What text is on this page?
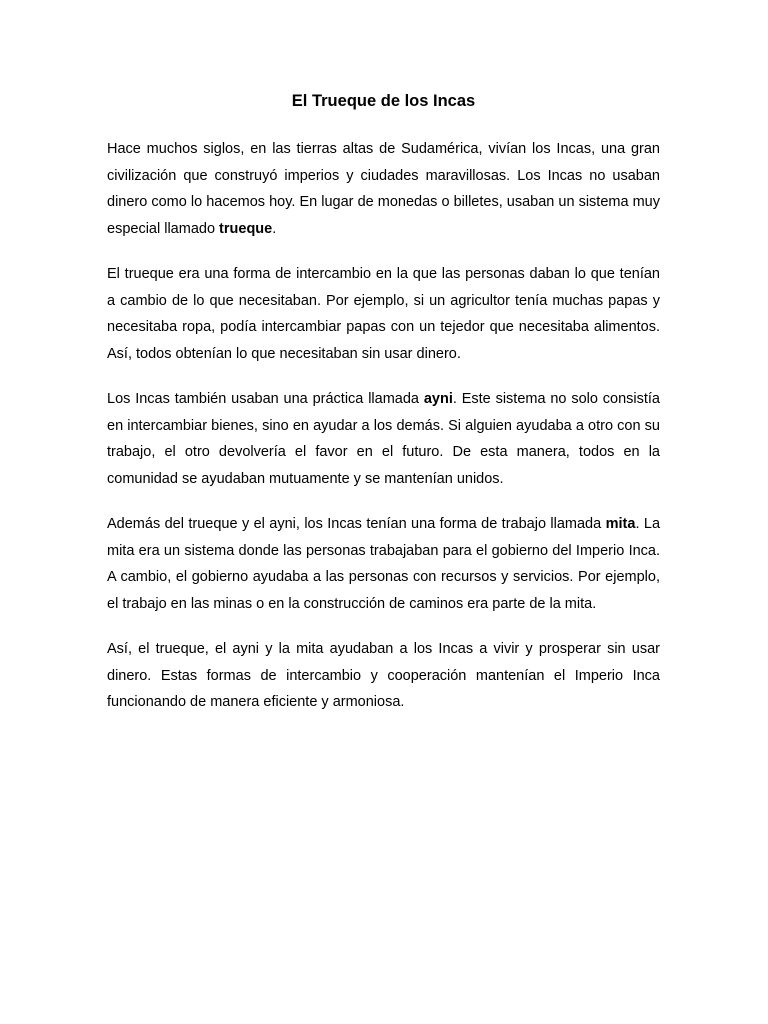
El Trueque de los Incas

Hace muchos siglos, en las tierras altas de Sudamérica, vivían los Incas, una gran civilización que construyó imperios y ciudades maravillosas. Los Incas no usaban dinero como lo hacemos hoy. En lugar de monedas o billetes, usaban un sistema muy especial llamado trueque.

El trueque era una forma de intercambio en la que las personas daban lo que tenían a cambio de lo que necesitaban. Por ejemplo, si un agricultor tenía muchas papas y necesitaba ropa, podía intercambiar papas con un tejedor que necesitaba alimentos. Así, todos obtenían lo que necesitaban sin usar dinero.

Los Incas también usaban una práctica llamada ayni. Este sistema no solo consistía en intercambiar bienes, sino en ayudar a los demás. Si alguien ayudaba a otro con su trabajo, el otro devolvería el favor en el futuro. De esta manera, todos en la comunidad se ayudaban mutuamente y se mantenían unidos.

Además del trueque y el ayni, los Incas tenían una forma de trabajo llamada mita. La mita era un sistema donde las personas trabajaban para el gobierno del Imperio Inca. A cambio, el gobierno ayudaba a las personas con recursos y servicios. Por ejemplo, el trabajo en las minas o en la construcción de caminos era parte de la mita.

Así, el trueque, el ayni y la mita ayudaban a los Incas a vivir y prosperar sin usar dinero. Estas formas de intercambio y cooperación mantenían el Imperio Inca funcionando de manera eficiente y armoniosa.
